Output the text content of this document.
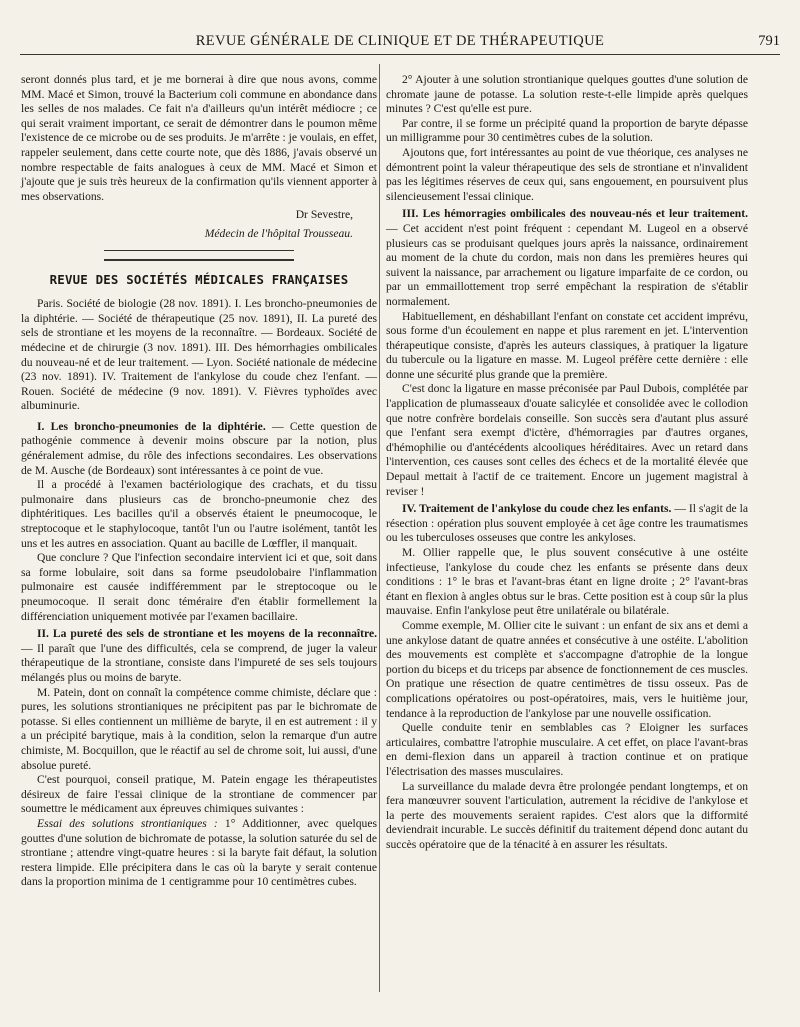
REVUE GÉNÉRALE DE CLINIQUE ET DE THÉRAPEUTIQUE	791

seront donnés plus tard, et je me bornerai à dire que nous avons, comme MM. Macé et Simon, trouvé la Bacterium coli commune en abondance dans les selles de nos malades. Ce fait n'a d'ailleurs qu'un intérêt médiocre ; ce qui serait vraiment important, ce serait de démontrer dans le poumon même l'existence de ce microbe ou de ses produits. Je m'arrête : je voulais, en effet, rappeler seulement, dans cette courte note, que dès 1886, j'avais observé un nombre respectable de faits analogues à ceux de MM. Macé et Simon et j'ajoute que je suis très heureux de la confirmation qu'ils viennent apporter à mes observations.

Dr Sevestre,

Médecin de l'hôpital Trousseau.

REVUE DES SOCIÉTÉS MÉDICALES FRANÇAISES

Paris. Société de biologie (28 nov. 1891). I. Les broncho-pneumonies de la diphtérie. — Société de thérapeutique (25 nov. 1891), II. La pureté des sels de strontiane et les moyens de la reconnaître. — Bordeaux. Société de médecine et de chirurgie (3 nov. 1891). III. Des hémorrhagies ombilicales du nouveau-né et de leur traitement. — Lyon. Société nationale de médecine (23 nov. 1891). IV. Traitement de l'ankylose du coude chez l'enfant. — Rouen. Société de médecine (9 nov. 1891). V. Fièvres typhoïdes avec albuminurie.

I. Les broncho-pneumonies de la diphtérie. — Cette question de pathogénie commence à devenir moins obscure par la notion, plus généralement admise, du rôle des infections secondaires. Les observations de M. Ausche (de Bordeaux) sont intéressantes à ce point de vue.

Il a procédé à l'examen bactériologique des crachats, et du tissu pulmonaire dans plusieurs cas de broncho-pneumonie chez des diphtéritiques. Les bacilles qu'il a observés étaient le pneumocoque, le streptocoque et le staphylocoque, tantôt l'un ou l'autre isolément, tantôt les uns et les autres en association. Quant au bacille de Lœffler, il manquait.

Que conclure ? Que l'infection secondaire intervient ici et que, soit dans sa forme lobulaire, soit dans sa forme pseudolobaire l'inflammation pulmonaire est causée indifféremment par le streptocoque ou le pneumocoque. Il serait donc téméraire d'en établir formellement la différenciation uniquement motivée par l'examen bacillaire.

II. La pureté des sels de strontiane et les moyens de la reconnaître. — Il paraît que l'une des difficultés, cela se comprend, de juger la valeur thérapeutique de la strontiane, consiste dans l'impureté de ses sels toujours mélangés plus ou moins de baryte.

M. Patein, dont on connaît la compétence comme chimiste, déclare que : pures, les solutions strontianiques ne précipitent pas par le bichromate de potasse. Si elles contiennent un millième de baryte, il en est autrement : il y a un précipité barytique, mais à la condition, selon la remarque d'un autre chimiste, M. Bocquillon, que le réactif au sel de chrome soit, lui aussi, d'une absolue pureté.

C'est pourquoi, conseil pratique, M. Patein engage les thérapeutistes désireux de faire l'essai clinique de la strontiane de commencer par soumettre le médicament aux épreuves chimiques suivantes :

Essai des solutions strontianiques : 1° Additionner, avec quelques gouttes d'une solution de bichromate de potasse, la solution saturée du sel de strontiane ; attendre vingt-quatre heures : si la baryte fait défaut, la solution restera limpide. Elle précipitera dans le cas où la baryte y serait contenue dans la proportion minima de 1 centigramme pour 10 centimètres cubes.

2° Ajouter à une solution strontianique quelques gouttes d'une solution de chromate jaune de potasse. La solution reste-t-elle limpide après quelques minutes ? C'est qu'elle est pure.

Par contre, il se forme un précipité quand la proportion de baryte dépasse un milligramme pour 30 centimètres cubes de la solution.

Ajoutons que, fort intéressantes au point de vue théorique, ces analyses ne démontrent point la valeur thérapeutique des sels de strontiane et n'invalident pas les légitimes réserves de ceux qui, sans engouement, en poursuivent plus silencieusement l'essai clinique.

III. Les hémorragies ombilicales des nouveau-nés et leur traitement. — Cet accident n'est point fréquent : cependant M. Lugeol en a observé plusieurs cas se produisant quelques jours après la naissance, ordinairement au moment de la chute du cordon, mais non dans les premières heures qui suivent la naissance, par arrachement ou ligature imparfaite de ce cordon, ou par un emmaillottement trop serré empêchant la respiration de s'établir normalement.

Habituellement, en déshabillant l'enfant on constate cet accident imprévu, sous forme d'un écoulement en nappe et plus rarement en jet. L'intervention thérapeutique consiste, d'après les auteurs classiques, à pratiquer la ligature du tubercule ou la ligature en masse. M. Lugeol préfère cette dernière : elle donne une sécurité plus grande que la première.

C'est donc la ligature en masse préconisée par Paul Dubois, complétée par l'application de plumasseaux d'ouate salicylée et consolidée avec le collodion que notre confrère bordelais conseille. Son succès sera d'autant plus assuré que l'enfant sera exempt d'ictère, d'hémorragies par d'autres organes, d'hémophilie ou d'antécédents alcooliques héréditaires. Avec un retard dans l'intervention, ces causes sont celles des échecs et de la mortalité élevée que Depaul mettait à l'actif de ce traitement. Encore un jugement magistral à reviser !

IV. Traitement de l'ankylose du coude chez les enfants. — Il s'agit de la résection : opération plus souvent employée à cet âge contre les traumatismes ou les tuberculoses osseuses que contre les ankyloses.

M. Ollier rappelle que, le plus souvent consécutive à une ostéite infectieuse, l'ankylose du coude chez les enfants se présente dans deux conditions : 1° le bras et l'avant-bras étant en ligne droite ; 2° l'avant-bras étant en flexion à angles obtus sur le bras. Cette position est à coup sûr la plus mauvaise. Enfin l'ankylose peut être unilatérale ou bilatérale.

Comme exemple, M. Ollier cite le suivant : un enfant de six ans et demi a une ankylose datant de quatre années et consécutive à une ostéite. L'abolition des mouvements est complète et s'accompagne d'atrophie de la longue portion du biceps et du triceps par absence de fonctionnement de ces muscles. On pratique une résection de quatre centimètres de tissu osseux. Pas de complications opératoires ou post-opératoires, mais, vers le huitième jour, tendance à la reproduction de l'ankylose par une nouvelle ossification.

Quelle conduite tenir en semblables cas ? Eloigner les surfaces articulaires, combattre l'atrophie musculaire. A cet effet, on place l'avant-bras en demi-flexion dans un appareil à traction continue et on pratique l'électrisation des masses musculaires.

La surveillance du malade devra être prolongée pendant longtemps, et on fera manœuvrer souvent l'articulation, autrement la récidive de l'ankylose et la perte des mouvements seraient rapides. C'est alors que la difformité deviendrait incurable. Le succès définitif du traitement dépend donc autant du succès opératoire que de la ténacité à en assurer les résultats.
